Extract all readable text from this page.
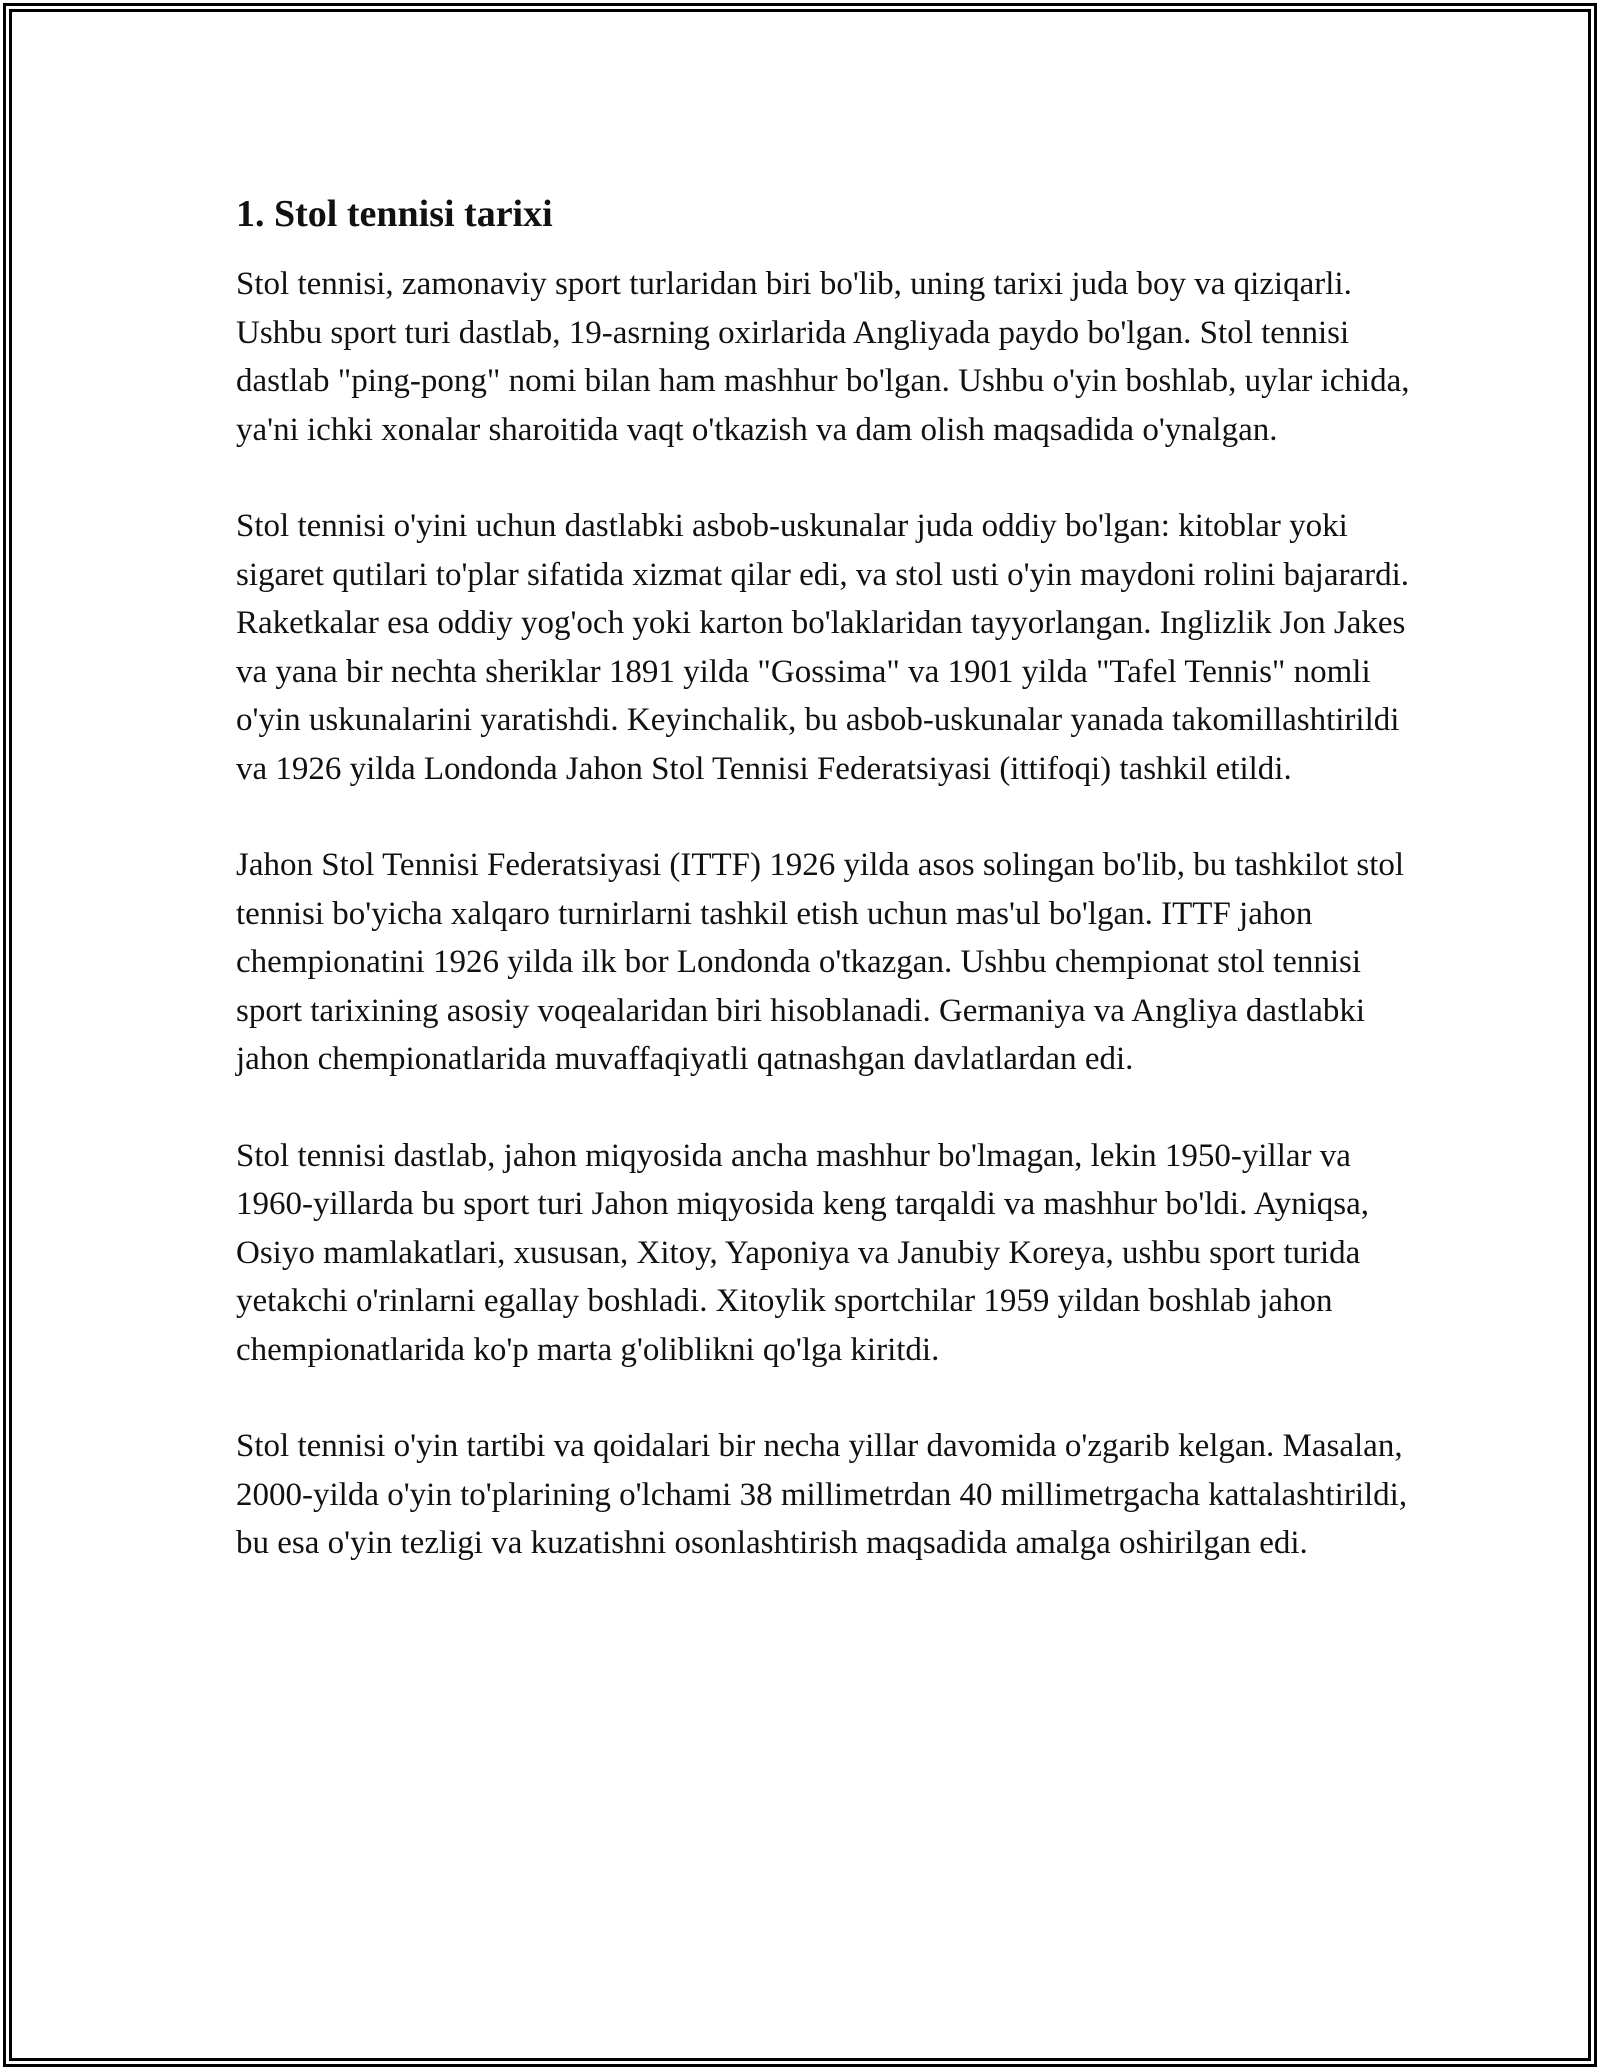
1. Stol tennisi tarixi

Stol tennisi, zamonaviy sport turlaridan biri bo'lib, uning tarixi juda boy va qiziqarli. Ushbu sport turi dastlab, 19-asrning oxirlarida Angliyada paydo bo'lgan. Stol tennisi dastlab "ping-pong" nomi bilan ham mashhur bo'lgan. Ushbu o'yin boshlab, uylar ichida, ya'ni ichki xonalar sharoitida vaqt o'tkazish va dam olish maqsadida o'ynalgan.

Stol tennisi o'yini uchun dastlabki asbob-uskunalar juda oddiy bo'lgan: kitoblar yoki sigaret qutilari to'plar sifatida xizmat qilar edi, va stol usti o'yin maydoni rolini bajarardi. Raketkalar esa oddiy yog'och yoki karton bo'laklaridan tayyorlangan. Inglizlik Jon Jakes va yana bir nechta sheriklar 1891 yilda "Gossima" va 1901 yilda "Tafel Tennis" nomli o'yin uskunalarini yaratishdi. Keyinchalik, bu asbob-uskunalar yanada takomillashtirildi va 1926 yilda Londonda Jahon Stol Tennisi Federatsiyasi (ittifoqi) tashkil etildi.

Jahon Stol Tennisi Federatsiyasi (ITTF) 1926 yilda asos solingan bo'lib, bu tashkilot stol tennisi bo'yicha xalqaro turnirlarni tashkil etish uchun mas'ul bo'lgan. ITTF jahon chempionatini 1926 yilda ilk bor Londonda o'tkazgan. Ushbu chempionat stol tennisi sport tarixining asosiy voqealaridan biri hisoblanadi. Germaniya va Angliya dastlabki jahon chempionatlarida muvaffaqiyatli qatnashgan davlatlardan edi.

Stol tennisi dastlab, jahon miqyosida ancha mashhur bo'lmagan, lekin 1950-yillar va 1960-yillarda bu sport turi Jahon miqyosida keng tarqaldi va mashhur bo'ldi. Ayniqsa, Osiyo mamlakatlari, xususan, Xitoy, Yaponiya va Janubiy Koreya, ushbu sport turida yetakchi o'rinlarni egallay boshladi. Xitoylik sportchilar 1959 yildan boshlab jahon chempionatlarida ko'p marta g'oliblikni qo'lga kiritdi.

Stol tennisi o'yin tartibi va qoidalari bir necha yillar davomida o'zgarib kelgan. Masalan, 2000-yilda o'yin to'plarining o'lchami 38 millimetrdan 40 millimetrgacha kattalashtirildi, bu esa o'yin tezligi va kuzatishni osonlashtirish maqsadida amalga oshirilgan edi.
